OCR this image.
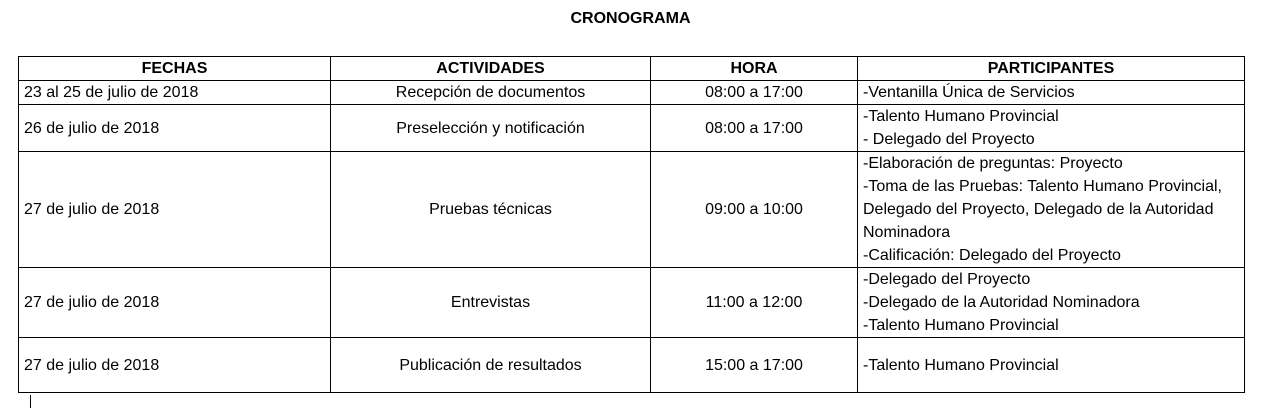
CRONOGRAMA
FECHAS	ACTIVIDADES	HORA	PARTICIPANTES
23 al 25 de julio de 2018	Recepción de documentos	08:00 a 17:00	-Ventanilla Única de Servicios

26 de julio de 2018	Preselección y notificación	08:00 a 17:00	-Talento Humano Provincial
- Delegado del Proyecto

27 de julio de 2018	Pruebas técnicas	09:00 a 10:00	-Elaboración de preguntas: Proyecto
-Toma de las Pruebas: Talento Humano Provincial, Delegado del Proyecto, Delegado de la Autoridad Nominadora
-Calificación: Delegado del Proyecto

27 de julio de 2018	Entrevistas	11:00 a 12:00	-Delegado del Proyecto
-Delegado de la Autoridad Nominadora
-Talento Humano Provincial

27 de julio de 2018	Publicación de resultados	15:00 a 17:00	-Talento Humano Provincial
